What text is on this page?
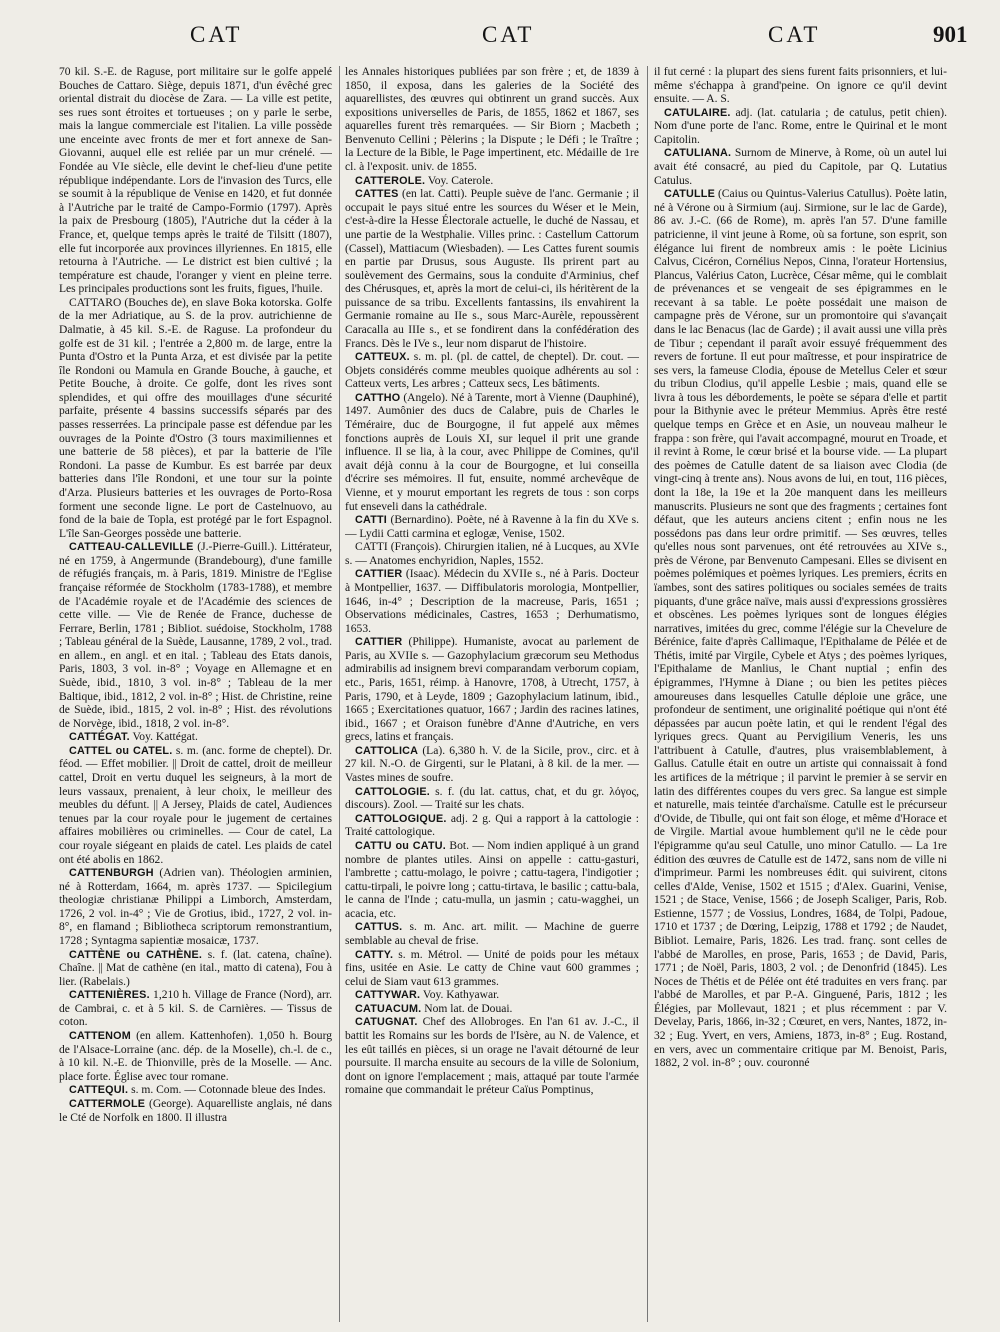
CAT	CAT	CAT	901

70 kil. S.-E. de Raguse, port militaire sur le golfe appelé Bouches de Cattaro. Siège, depuis 1871, d'un évêché grec oriental distrait du diocèse de Zara. — La ville est petite, ses rues sont étroites et tortueuses ; on y parle le serbe, mais la langue commerciale est l'italien. La ville possède une enceinte avec fronts de mer et fort annexe de San-Giovanni, auquel elle est reliée par un mur crénelé. — Fondée au VIe siècle, elle devint le chef-lieu d'une petite république indépendante. Lors de l'invasion des Turcs, elle se soumit à la république de Venise en 1420, et fut donnée à l'Autriche par le traité de Campo-Formio (1797). Après la paix de Presbourg (1805), l'Autriche dut la céder à la France, et, quelque temps après le traité de Tilsitt (1807), elle fut incorporée aux provinces illyriennes. En 1815, elle retourna à l'Autriche. — Le district est bien cultivé ; la température est chaude, l'oranger y vient en pleine terre. Les principales productions sont les fruits, figues, l'huile.

CATTARO (Bouches de), en slave Boka kotorska. Golfe de la mer Adriatique, au S. de la prov. autrichienne de Dalmatie, à 45 kil. S.-E. de Raguse. La profondeur du golfe est de 31 kil. ; l'entrée a 2,800 m. de large, entre la Punta d'Ostro et la Punta Arza, et est divisée par la petite île Rondoni ou Mamula en Grande Bouche, à gauche, et Petite Bouche, à droite. Ce golfe, dont les rives sont splendides, et qui offre des mouillages d'une sécurité parfaite, présente 4 bassins successifs séparés par des passes resserrées. La principale passe est défendue par les ouvrages de la Pointe d'Ostro (3 tours maximiliennes et une batterie de 58 pièces), et par la batterie de l'île Rondoni. La passe de Kumbur. Es est barrée par deux batteries dans l'île Rondoni, et une tour sur la pointe d'Arza. Plusieurs batteries et les ouvrages de Porto-Rosa forment une seconde ligne. Le port de Castelnuovo, au fond de la baie de Topla, est protégé par le fort Espagnol. L'île San-Georges possède une batterie.

CATTEAU-CALLEVILLE (J.-Pierre-Guill.). Littérateur, né en 1759, à Angermunde (Brandebourg), d'une famille de réfugiés français, m. à Paris, 1819. Ministre de l'Eglise française réformée de Stockholm (1783-1788), et membre de l'Académie royale et de l'Académie des sciences de cette ville. — Vie de Renée de France, duchesse de Ferrare, Berlin, 1781 ; Bibliot. suédoise, Stockholm, 1788 ; Tableau général de la Suède, Lausanne, 1789, 2 vol., trad. en allem., en angl. et en ital. ; Tableau des Etats danois, Paris, 1803, 3 vol. in-8° ; Voyage en Allemagne et en Suède, ibid., 1810, 3 vol. in-8° ; Tableau de la mer Baltique, ibid., 1812, 2 vol. in-8° ; Hist. de Christine, reine de Suède, ibid., 1815, 2 vol. in-8° ; Hist. des révolutions de Norvège, ibid., 1818, 2 vol. in-8°.

CATTÉGAT. Voy. Kattégat.

CATTEL ou CATEL. s. m. (anc. forme de cheptel). Dr. féod. — Effet mobilier. || Droit de cattel, droit de meilleur cattel, Droit en vertu duquel les seigneurs, à la mort de leurs vassaux, prenaient, à leur choix, le meilleur des meubles du défunt. || A Jersey, Plaids de catel, Audiences tenues par la cour royale pour le jugement de certaines affaires mobilières ou criminelles. — Cour de catel, La cour royale siégeant en plaids de catel. Les plaids de catel ont été abolis en 1862.

CATTENBURGH (Adrien van). Théologien arminien, né à Rotterdam, 1664, m. après 1737. — Spicilegium theologiæ christianæ Philippi a Limborch, Amsterdam, 1726, 2 vol. in-4° ; Vie de Grotius, ibid., 1727, 2 vol. in-8°, en flamand ; Bibliotheca scriptorum remonstrantium, 1728 ; Syntagma sapientiæ mosaicæ, 1737.

CATTÈNE ou CATHÈNE. s. f. (lat. catena, chaîne). Chaîne. || Mat de cathène (en ital., matto di catena), Fou à lier. (Rabelais.)

CATTENIÈRES. 1,210 h. Village de France (Nord), arr. de Cambrai, c. et à 5 kil. S. de Carnières. — Tissus de coton.

CATTENOM (en allem. Kattenhofen). 1,050 h. Bourg de l'Alsace-Lorraine (anc. dép. de la Moselle), ch.-l. de c., à 10 kil. N.-E. de Thionville, près de la Moselle. — Anc. place forte. Église avec tour romane.

CATTEQUI. s. m. Com. — Cotonnade bleue des Indes.

CATTERMOLE (George). Aquarelliste anglais, né dans le Cté de Norfolk en 1800. Il illustra

les Annales historiques publiées par son frère ; et, de 1839 à 1850, il exposa, dans les galeries de la Société des aquarellistes, des œuvres qui obtinrent un grand succès. Aux expositions universelles de Paris, de 1855, 1862 et 1867, ses aquarelles furent très remarquées. — Sir Biorn ; Macbeth ; Benvenuto Cellini ; Pèlerins ; la Dispute ; le Défi ; le Traître ; la Lecture de la Bible, le Page impertinent, etc. Médaille de 1re cl. à l'exposit. univ. de 1855.

CATTEROLE. Voy. Caterole.

CATTES (en lat. Catti). Peuple suève de l'anc. Germanie ; il occupait le pays situé entre les sources du Wéser et le Mein, c'est-à-dire la Hesse Électorale actuelle, le duché de Nassau, et une partie de la Westphalie. Villes princ. : Castellum Cattorum (Cassel), Mattiacum (Wiesbaden). — Les Cattes furent soumis en partie par Drusus, sous Auguste. Ils prirent part au soulèvement des Germains, sous la conduite d'Arminius, chef des Chérusques, et, après la mort de celui-ci, ils héritèrent de la puissance de sa tribu. Excellents fantassins, ils envahirent la Germanie romaine au IIe s., sous Marc-Aurèle, repoussèrent Caracalla au IIIe s., et se fondirent dans la confédération des Francs. Dès le IVe s., leur nom disparut de l'histoire.

CATTEUX. s. m. pl. (pl. de cattel, de cheptel). Dr. cout. — Objets considérés comme meubles quoique adhérents au sol : Catteux verts, Les arbres ; Catteux secs, Les bâtiments.

CATTHO (Angelo). Né à Tarente, mort à Vienne (Dauphiné), 1497. Aumônier des ducs de Calabre, puis de Charles le Téméraire, duc de Bourgogne, il fut appelé aux mêmes fonctions auprès de Louis XI, sur lequel il prit une grande influence. Il se lia, à la cour, avec Philippe de Comines, qu'il avait déjà connu à la cour de Bourgogne, et lui conseilla d'écrire ses mémoires. Il fut, ensuite, nommé archevêque de Vienne, et y mourut emportant les regrets de tous : son corps fut enseveli dans la cathédrale.

CATTI (Bernardino). Poète, né à Ravenne à la fin du XVe s. — Lydii Catti carmina et eglogæ, Venise, 1502.

CATTI (François). Chirurgien italien, né à Lucques, au XVIe s. — Anatomes enchyridion, Naples, 1552.

CATTIER (Isaac). Médecin du XVIIe s., né à Paris. Docteur à Montpellier, 1637. — Diffibulatoris morologia, Montpellier, 1646, in-4° ; Description de la macreuse, Paris, 1651 ; Observations médicinales, Castres, 1653 ; Derhumatismo, 1653.

CATTIER (Philippe). Humaniste, avocat au parlement de Paris, au XVIIe s. — Gazophylacium græcorum seu Methodus admirabilis ad insignem brevi comparandam verborum copiam, etc., Paris, 1651, réimp. à Hanovre, 1708, à Utrecht, 1757, à Paris, 1790, et à Leyde, 1809 ; Gazophylacium latinum, ibid., 1665 ; Exercitationes quatuor, 1667 ; Jardin des racines latines, ibid., 1667 ; et Oraison funèbre d'Anne d'Autriche, en vers grecs, latins et français.

CATTOLICA (La). 6,380 h. V. de la Sicile, prov., circ. et à 27 kil. N.-O. de Girgenti, sur le Platani, à 8 kil. de la mer. — Vastes mines de soufre.

CATTOLOGIE. s. f. (du lat. cattus, chat, et du gr. λόγος, discours). Zool. — Traité sur les chats.

CATTOLOGIQUE. adj. 2 g. Qui a rapport à la cattologie : Traité cattologique.

CATTU ou CATU. Bot. — Nom indien appliqué à un grand nombre de plantes utiles. Ainsi on appelle : cattu-gasturi, l'ambrette ; cattu-molago, le poivre ; cattu-tagera, l'indigotier ; cattu-tirpali, le poivre long ; cattu-tirtava, le basilic ; cattu-bala, le canna de l'Inde ; catu-mulla, un jasmin ; catu-wagghei, un acacia, etc.

CATTUS. s. m. Anc. art. milit. — Machine de guerre semblable au cheval de frise.

CATTY. s. m. Métrol. — Unité de poids pour les métaux fins, usitée en Asie. Le catty de Chine vaut 600 grammes ; celui de Siam vaut 613 grammes.

CATTYWAR. Voy. Kathyawar.

CATUACUM. Nom lat. de Douai.

CATUGNAT. Chef des Allobroges. En l'an 61 av. J.-C., il battit les Romains sur les bords de l'Isère, au N. de Valence, et les eût taillés en pièces, si un orage ne l'avait détourné de leur poursuite. Il marcha ensuite au secours de la ville de Solonium, dont on ignore l'emplacement ; mais, attaqué par toute l'armée romaine que commandait le préteur Caïus Pomptinus,

il fut cerné : la plupart des siens furent faits prisonniers, et lui-même s'échappa à grand'peine. On ignore ce qu'il devint ensuite. — A. S.

CATULAIRE. adj. (lat. catularia ; de catulus, petit chien). Nom d'une porte de l'anc. Rome, entre le Quirinal et le mont Capitolin.

CATULIANA. Surnom de Minerve, à Rome, où un autel lui avait été consacré, au pied du Capitole, par Q. Lutatius Catulus.

CATULLE (Caius ou Quintus-Valerius Catullus). Poète latin, né à Vérone ou à Sirmium (auj. Sirmione, sur le lac de Garde), 86 av. J.-C. (66 de Rome), m. après l'an 57. D'une famille patricienne, il vint jeune à Rome, où sa fortune, son esprit, son élégance lui firent de nombreux amis : le poète Licinius Calvus, Cicéron, Cornélius Nepos, Cinna, l'orateur Hortensius, Plancus, Valérius Caton, Lucrèce, César même, qui le comblait de prévenances et se vengeait de ses épigrammes en le recevant à sa table. Le poète possédait une maison de campagne près de Vérone, sur un promontoire qui s'avançait dans le lac Benacus (lac de Garde) ; il avait aussi une villa près de Tibur ; cependant il paraît avoir essuyé fréquemment des revers de fortune. Il eut pour maîtresse, et pour inspiratrice de ses vers, la fameuse Clodia, épouse de Metellus Celer et sœur du tribun Clodius, qu'il appelle Lesbie ; mais, quand elle se livra à tous les débordements, le poète se sépara d'elle et partit pour la Bithynie avec le préteur Memmius. Après être resté quelque temps en Grèce et en Asie, un nouveau malheur le frappa : son frère, qui l'avait accompagné, mourut en Troade, et il revint à Rome, le cœur brisé et la bourse vide. — La plupart des poèmes de Catulle datent de sa liaison avec Clodia (de vingt-cinq à trente ans). Nous avons de lui, en tout, 116 pièces, dont la 18e, la 19e et la 20e manquent dans les meilleurs manuscrits. Plusieurs ne sont que des fragments ; certaines font défaut, que les auteurs anciens citent ; enfin nous ne les possédons pas dans leur ordre primitif. — Ses œuvres, telles qu'elles nous sont parvenues, ont été retrouvées au XIVe s., près de Vérone, par Benvenuto Campesani. Elles se divisent en poèmes polémiques et poèmes lyriques. Les premiers, écrits en ïambes, sont des satires politiques ou sociales semées de traits piquants, d'une grâce naïve, mais aussi d'expressions grossières et obscènes. Les poèmes lyriques sont de longues élégies narratives, imitées du grec, comme l'élégie sur la Chevelure de Bérénice, faite d'après Callimaque, l'Epithalame de Pélée et de Thétis, imité par Virgile, Cybele et Atys ; des poèmes lyriques, l'Epithalame de Manlius, le Chant nuptial ; enfin des épigrammes, l'Hymne à Diane ; ou bien les petites pièces amoureuses dans lesquelles Catulle déploie une grâce, une profondeur de sentiment, une originalité poétique qui n'ont été dépassées par aucun poète latin, et qui le rendent l'égal des lyriques grecs. Quant au Pervigilium Veneris, les uns l'attribuent à Catulle, d'autres, plus vraisemblablement, à Gallus. Catulle était en outre un artiste qui connaissait à fond les artifices de la métrique ; il parvint le premier à se servir en latin des différentes coupes du vers grec. Sa langue est simple et naturelle, mais teintée d'archaïsme. Catulle est le précurseur d'Ovide, de Tibulle, qui ont fait son éloge, et même d'Horace et de Virgile. Martial avoue humblement qu'il ne le cède pour l'épigramme qu'au seul Catulle, uno minor Catullo. — La 1re édition des œuvres de Catulle est de 1472, sans nom de ville ni d'imprimeur. Parmi les nombreuses édit. qui suivirent, citons celles d'Alde, Venise, 1502 et 1515 ; d'Alex. Guarini, Venise, 1521 ; de Stace, Venise, 1566 ; de Joseph Scaliger, Paris, Rob. Estienne, 1577 ; de Vossius, Londres, 1684, de Tolpi, Padoue, 1710 et 1737 ; de Dœring, Leipzig, 1788 et 1792 ; de Naudet, Bibliot. Lemaire, Paris, 1826. Les trad. franç. sont celles de l'abbé de Marolles, en prose, Paris, 1653 ; de David, Paris, 1771 ; de Noël, Paris, 1803, 2 vol. ; de Denonfrid (1845). Les Noces de Thétis et de Pélée ont été traduites en vers franç. par l'abbé de Marolles, et par P.-A. Ginguené, Paris, 1812 ; les Élégies, par Mollevaut, 1821 ; et plus récemment : par V. Develay, Paris, 1866, in-32 ; Cœuret, en vers, Nantes, 1872, in-32 ; Eug. Yvert, en vers, Amiens, 1873, in-8° ; Eug. Rostand, en vers, avec un commentaire critique par M. Benoist, Paris, 1882, 2 vol. in-8° ; ouv. couronné
